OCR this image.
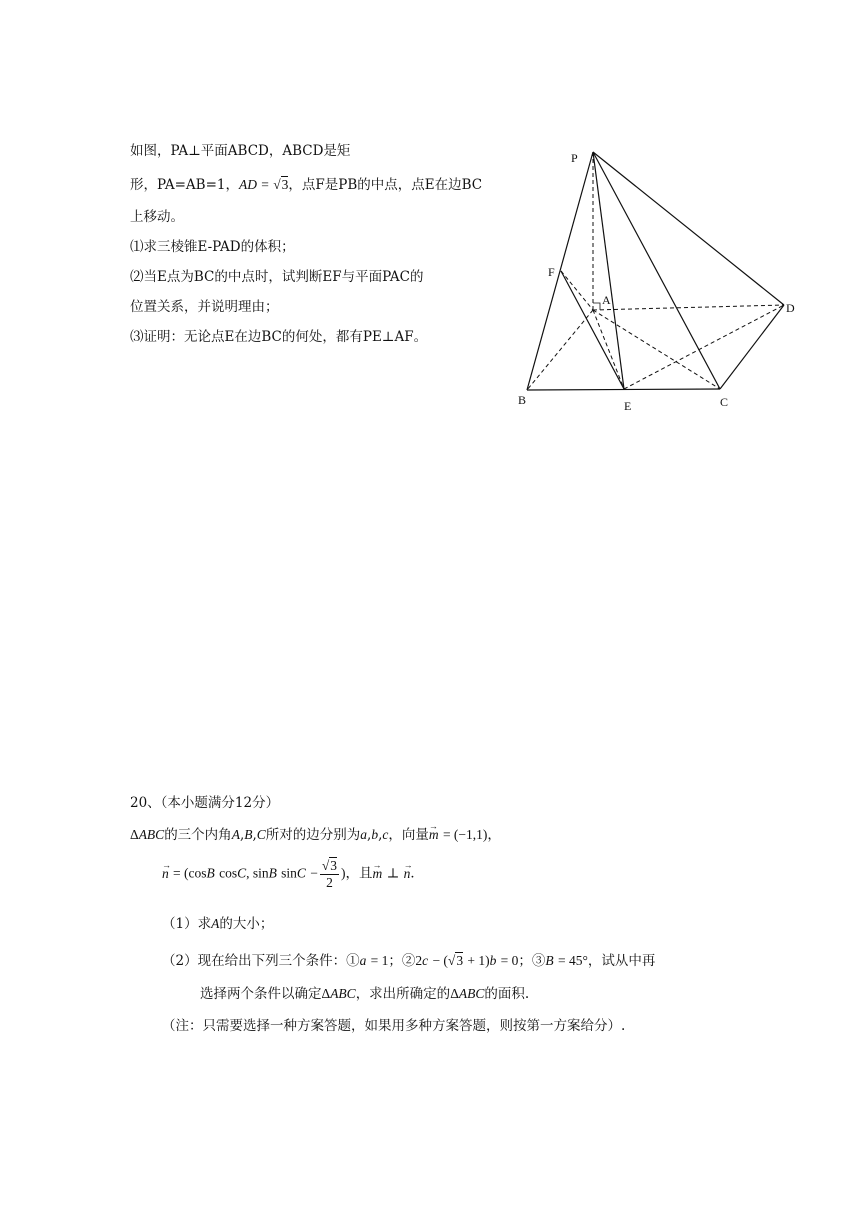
如图，PA⊥平面ABCD，ABCD是矩
形，PA=AB=1，AD = √3，点F是PB的中点，点E在边BC
上移动。
⑴求三棱锥E-PAD的体积；
⑵当E点为BC的中点时，试判断EF与平面PAC的
位置关系，并说明理由；
⑶证明：无论点E在边BC的何处，都有PE⊥AF。
P
A
F
D
B	E	C
20、（本小题满分12分）
ΔABC的三个内角A,B,C所对的边分别为a,b,c，向量→ m = (−1,1)，
→ n = (cosB cosC, sinB $\sin C - \frac{√3}{2}$ )，且→ m ⊥ → n．
（1）求A的大小；
（2）现在给出下列三个条件：①a = 1；②2c − (√3 + 1)b = 0；③B = 45°，试从中再
选择两个条件以确定ΔABC，求出所确定的ΔABC的面积.
（注：只需要选择一种方案答题，如果用多种方案答题，则按第一方案给分）.
